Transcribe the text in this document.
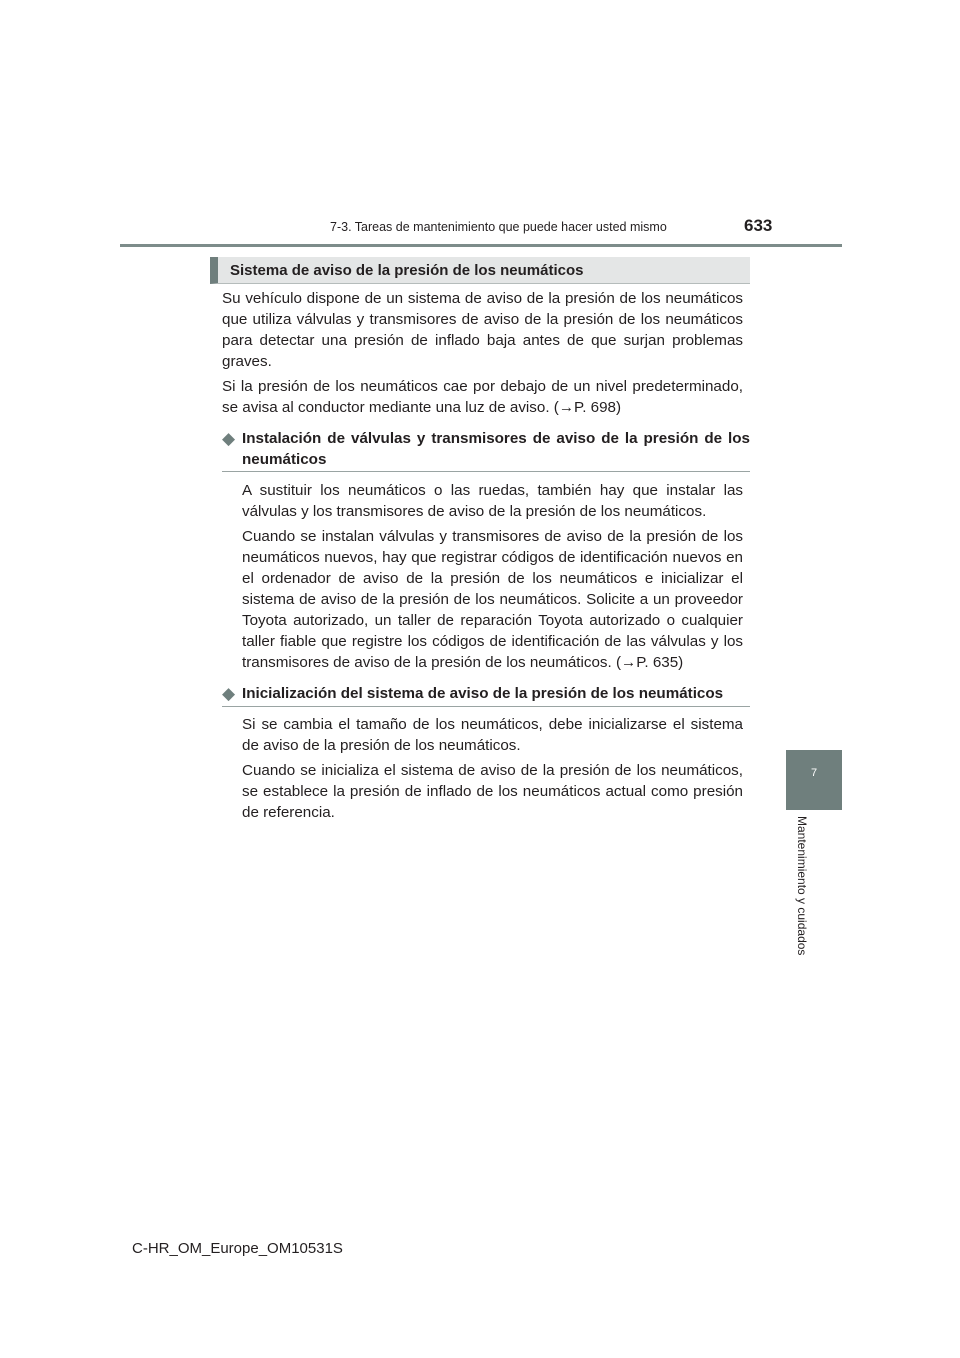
7-3. Tareas de mantenimiento que puede hacer usted mismo	633
7
Mantenimiento y cuidados
Sistema de aviso de la presión de los neumáticos

Su vehículo dispone de un sistema de aviso de la presión de los neumáticos que utiliza válvulas y transmisores de aviso de la presión de los neumáticos para detectar una presión de inflado baja antes de que surjan problemas graves.

Si la presión de los neumáticos cae por debajo de un nivel predeterminado, se avisa al conductor mediante una luz de aviso. (→P. 698)

◆ Instalación de válvulas y transmisores de aviso de la presión de los neumáticos

A sustituir los neumáticos o las ruedas, también hay que instalar las válvulas y los transmisores de aviso de la presión de los neumáticos.

Cuando se instalan válvulas y transmisores de aviso de la presión de los neumáticos nuevos, hay que registrar códigos de identificación nuevos en el ordenador de aviso de la presión de los neumáticos e inicializar el sistema de aviso de la presión de los neumáticos. Solicite a un proveedor Toyota autorizado, un taller de reparación Toyota autorizado o cualquier taller fiable que registre los códigos de identificación de las válvulas y los transmisores de aviso de la presión de los neumáticos. (→P. 635)

◆ Inicialización del sistema de aviso de la presión de los neumáticos

Si se cambia el tamaño de los neumáticos, debe inicializarse el sistema de aviso de la presión de los neumáticos.

Cuando se inicializa el sistema de aviso de la presión de los neumáticos, se establece la presión de inflado de los neumáticos actual como presión de referencia.

C-HR_OM_Europe_OM10531S
